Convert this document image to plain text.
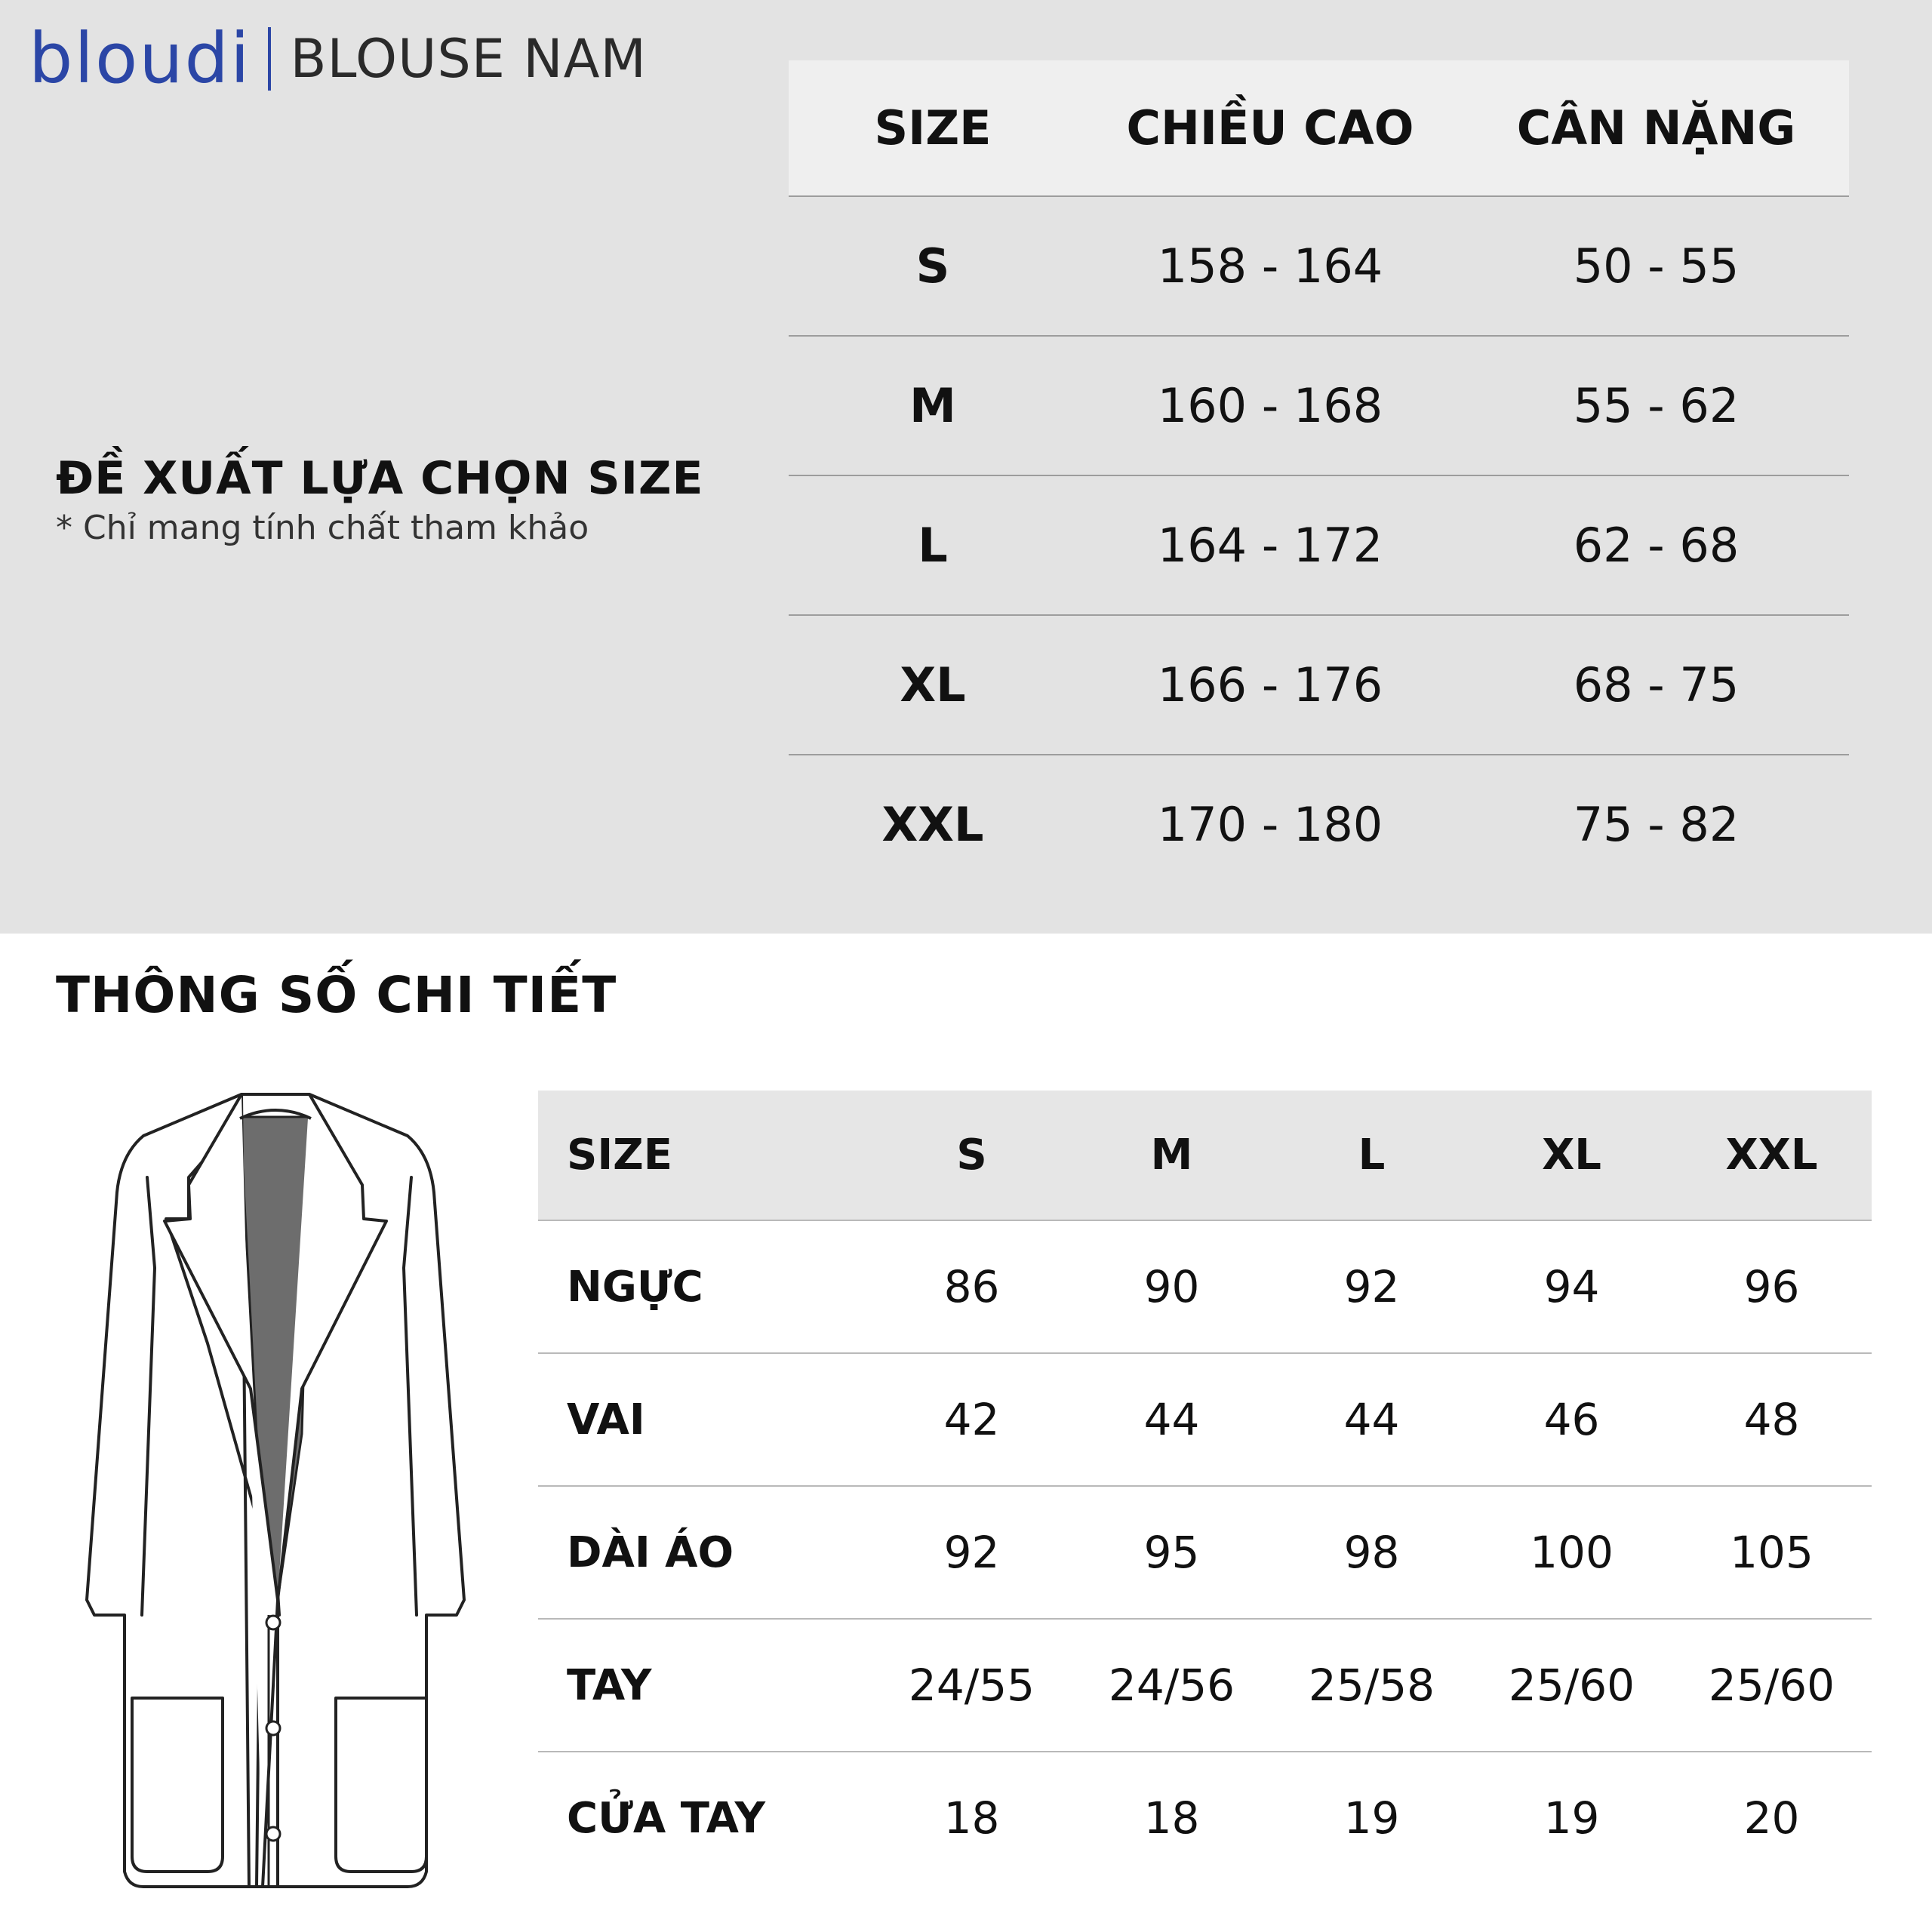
bloudi BLOUSE NAM
ĐỀ XUẤT LỰA CHỌN SIZE
* Chỉ mang tính chất tham khảo
SIZE	CHIỀU CAO	CÂN NẶNG
S	158 - 164	50 - 55
M	160 - 168	55 - 62
L	164 - 172	62 - 68
XL	166 - 176	68 - 75
XXL	170 - 180	75 - 82
THÔNG SỐ CHI TIẾT
SIZE	S	M	L	XL	XXL
NGỰC	86	90	92	94	96
VAI	42	44	44	46	48
DÀI ÁO	92	95	98	100	105
TAY	24/55	24/56	25/58	25/60	25/60
CỬA TAY	18	18	19	19	20
